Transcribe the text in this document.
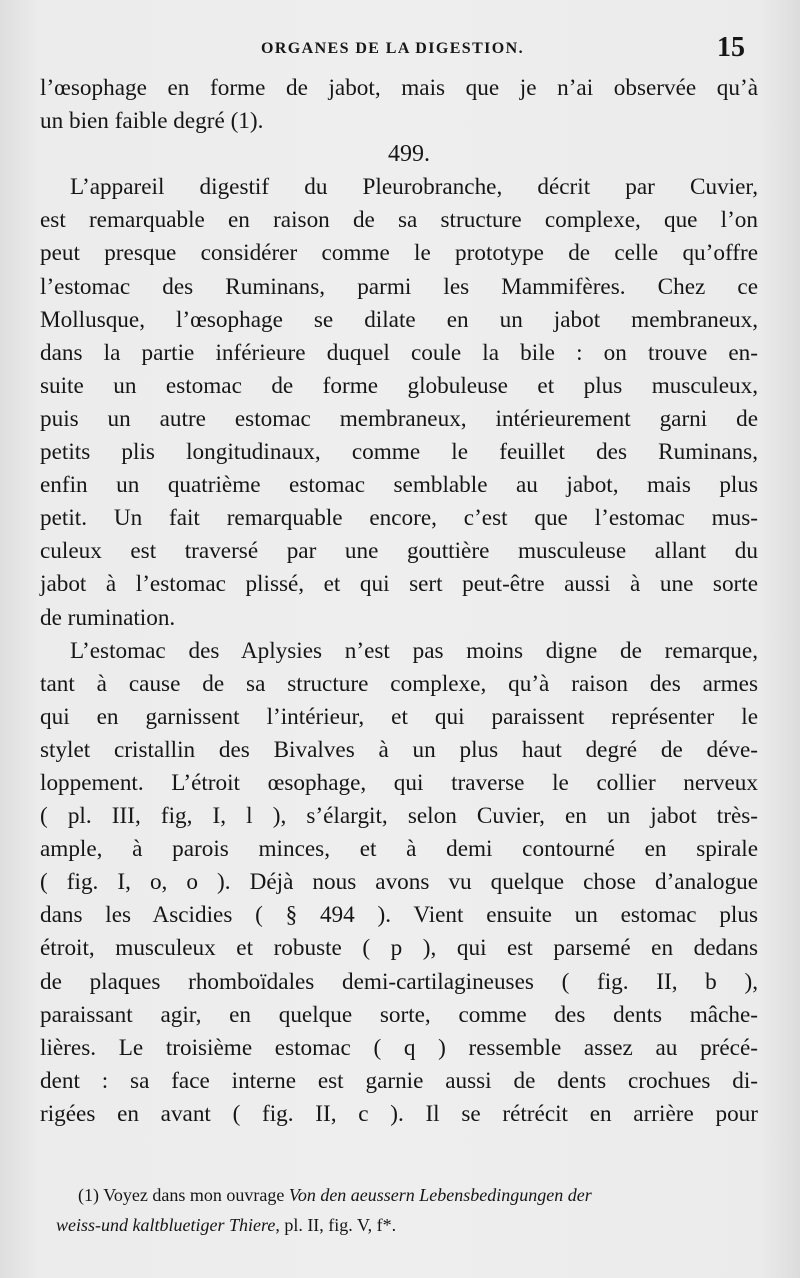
ORGANES DE LA DIGESTION.	15
l’œsophage en forme de jabot, mais que je n’ai observée qu’à
un bien faible degré (1).
499.
L’appareil digestif du Pleurobranche, décrit par Cuvier,
est remarquable en raison de sa structure complexe, que l’on
peut presque considérer comme le prototype de celle qu’offre
l’estomac des Ruminans, parmi les Mammifères. Chez ce
Mollusque, l’œsophage se dilate en un jabot membraneux,
dans la partie inférieure duquel coule la bile : on trouve en-
suite un estomac de forme globuleuse et plus musculeux,
puis un autre estomac membraneux, intérieurement garni de
petits plis longitudinaux, comme le feuillet des Ruminans,
enfin un quatrième estomac semblable au jabot, mais plus
petit. Un fait remarquable encore, c’est que l’estomac mus-
culeux est traversé par une gouttière musculeuse allant du
jabot à l’estomac plissé, et qui sert peut-être aussi à une sorte
de rumination.
L’estomac des Aplysies n’est pas moins digne de remarque,
tant à cause de sa structure complexe, qu’à raison des armes
qui en garnissent l’intérieur, et qui paraissent représenter le
stylet cristallin des Bivalves à un plus haut degré de déve-
loppement. L’étroit œsophage, qui traverse le collier nerveux
( pl. III, fig, I, l ), s’élargit, selon Cuvier, en un jabot très-
ample, à parois minces, et à demi contourné en spirale
( fig. I, o, o ). Déjà nous avons vu quelque chose d’analogue
dans les Ascidies ( § 494 ). Vient ensuite un estomac plus
étroit, musculeux et robuste ( p ), qui est parsemé en dedans
de plaques rhomboïdales demi-cartilagineuses ( fig. II, b ),
paraissant agir, en quelque sorte, comme des dents mâche-
lières. Le troisième estomac ( q ) ressemble assez au précé-
dent : sa face interne est garnie aussi de dents crochues di-
rigées en avant ( fig. II, c ). Il se rétrécit en arrière pour
(1) Voyez dans mon ouvrage Von den aeussern Lebensbedingungen der
weiss-und kaltbluetiger Thiere, pl. II, fig. V, f*.
